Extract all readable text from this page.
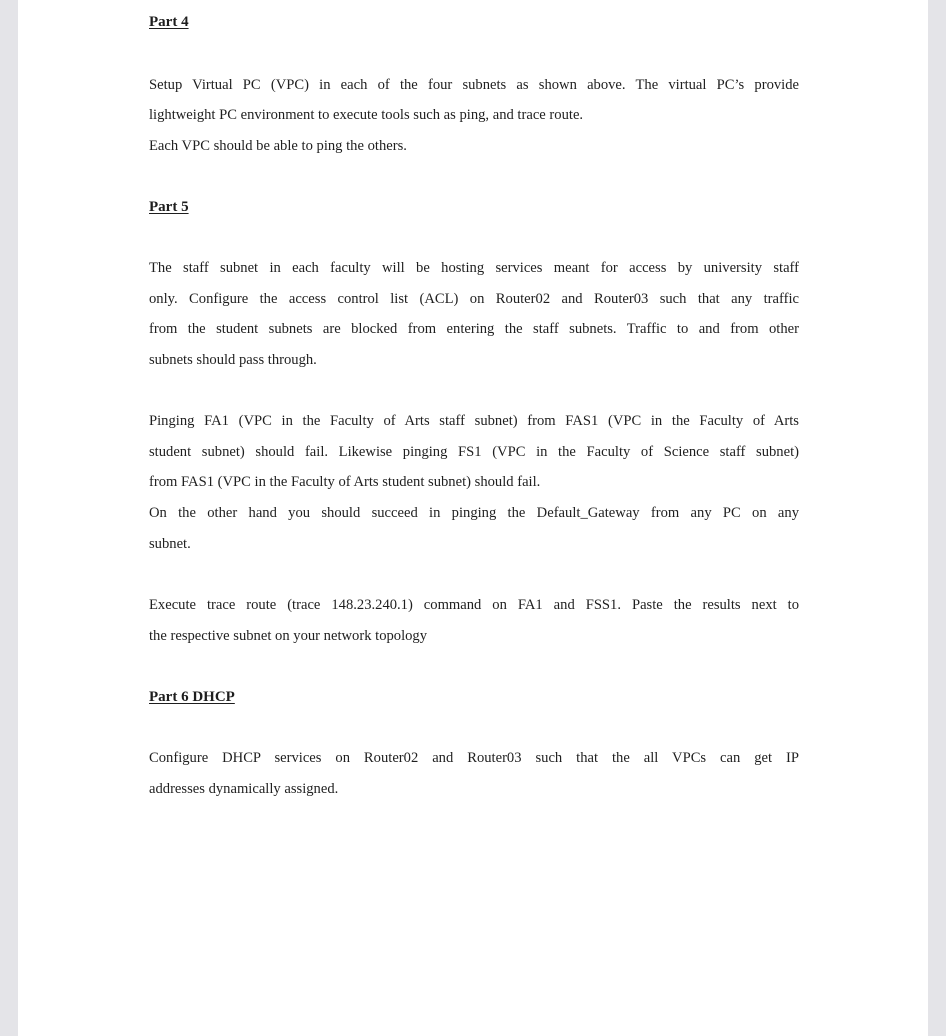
Part 4
Setup Virtual PC (VPC) in each of the four subnets as shown above. The virtual PC’s provide
lightweight PC environment to execute tools such as ping, and trace route.
Each VPC should be able to ping the others.
Part 5
The staff subnet in each faculty will be hosting services meant for access by university staff
only. Configure the access control list (ACL) on Router02 and Router03 such that any traffic
from the student subnets are blocked from entering the staff subnets. Traffic to and from other
subnets should pass through.
Pinging FA1 (VPC in the Faculty of Arts staff subnet) from FAS1 (VPC in the Faculty of Arts
student subnet) should fail. Likewise pinging FS1 (VPC in the Faculty of Science staff subnet)
from FAS1 (VPC in the Faculty of Arts student subnet) should fail.
On the other hand you should succeed in pinging the Default_Gateway from any PC on any
subnet.
Execute trace route (trace 148.23.240.1) command on FA1 and FSS1. Paste the results next to
the respective subnet on your network topology
Part 6 DHCP
Configure DHCP services on Router02 and Router03 such that the all VPCs can get IP
addresses dynamically assigned.
